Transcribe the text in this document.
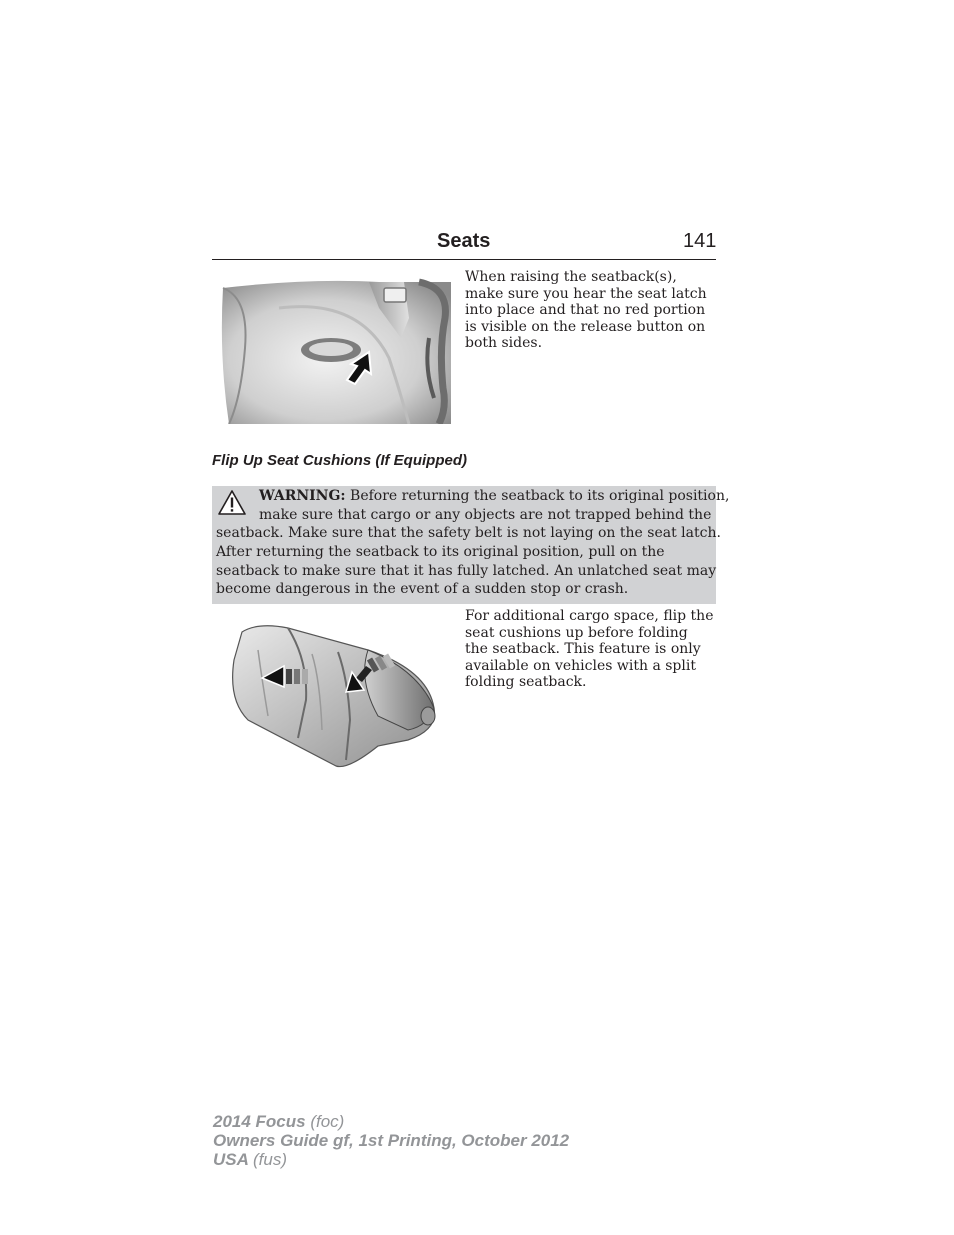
Seats	141

When raising the seatback(s),
make sure you hear the seat latch
into place and that no red portion
is visible on the release button on
both sides.

Flip Up Seat Cushions (If Equipped)
WARNING: Before returning the seatback to its original position,
make sure that cargo or any objects are not trapped behind the
seatback. Make sure that the safety belt is not laying on the seat latch.
After returning the seatback to its original position, pull on the
seatback to make sure that it has fully latched. An unlatched seat may
become dangerous in the event of a sudden stop or crash.

For additional cargo space, flip the
seat cushions up before folding
the seatback. This feature is only
available on vehicles with a split
folding seatback.

2014 Focus (foc)
Owners Guide gf, 1st Printing, October 2012
USA (fus)
